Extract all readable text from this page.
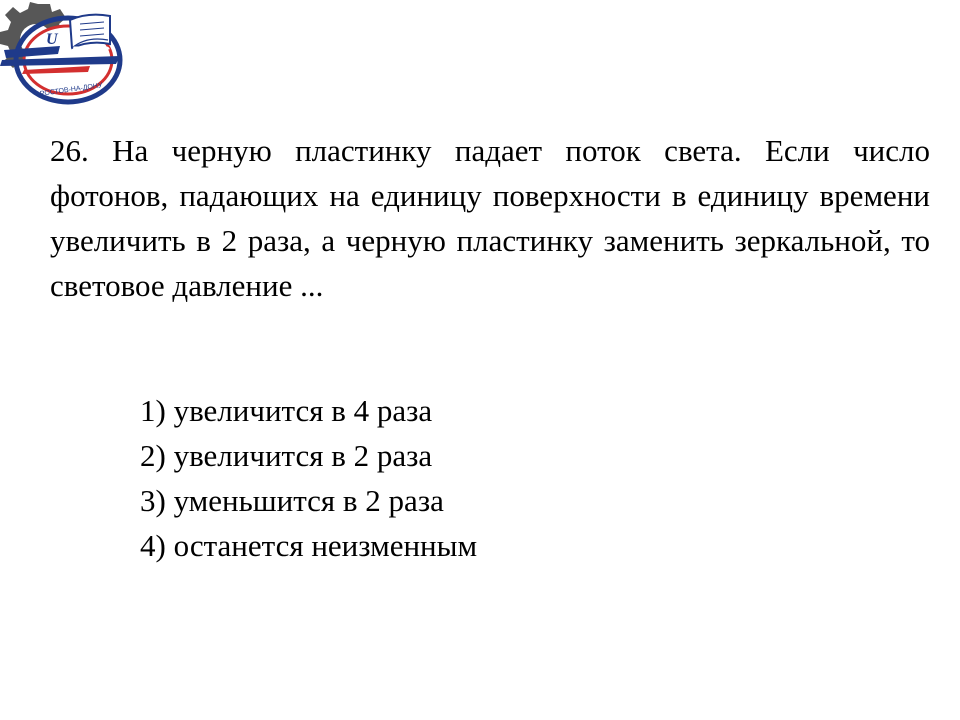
U
РГУПС
РОСТОВ-НА-ДОНУ

26. На черную пластинку падает поток света. Если число фотонов, падающих на единицу поверхности в единицу времени увеличить в 2 раза, а черную пластинку заменить зеркальной, то световое давление ...

1) увеличится в 4 раза
2) увеличится в 2 раза
3) уменьшится в 2 раза
4) останется неизменным
